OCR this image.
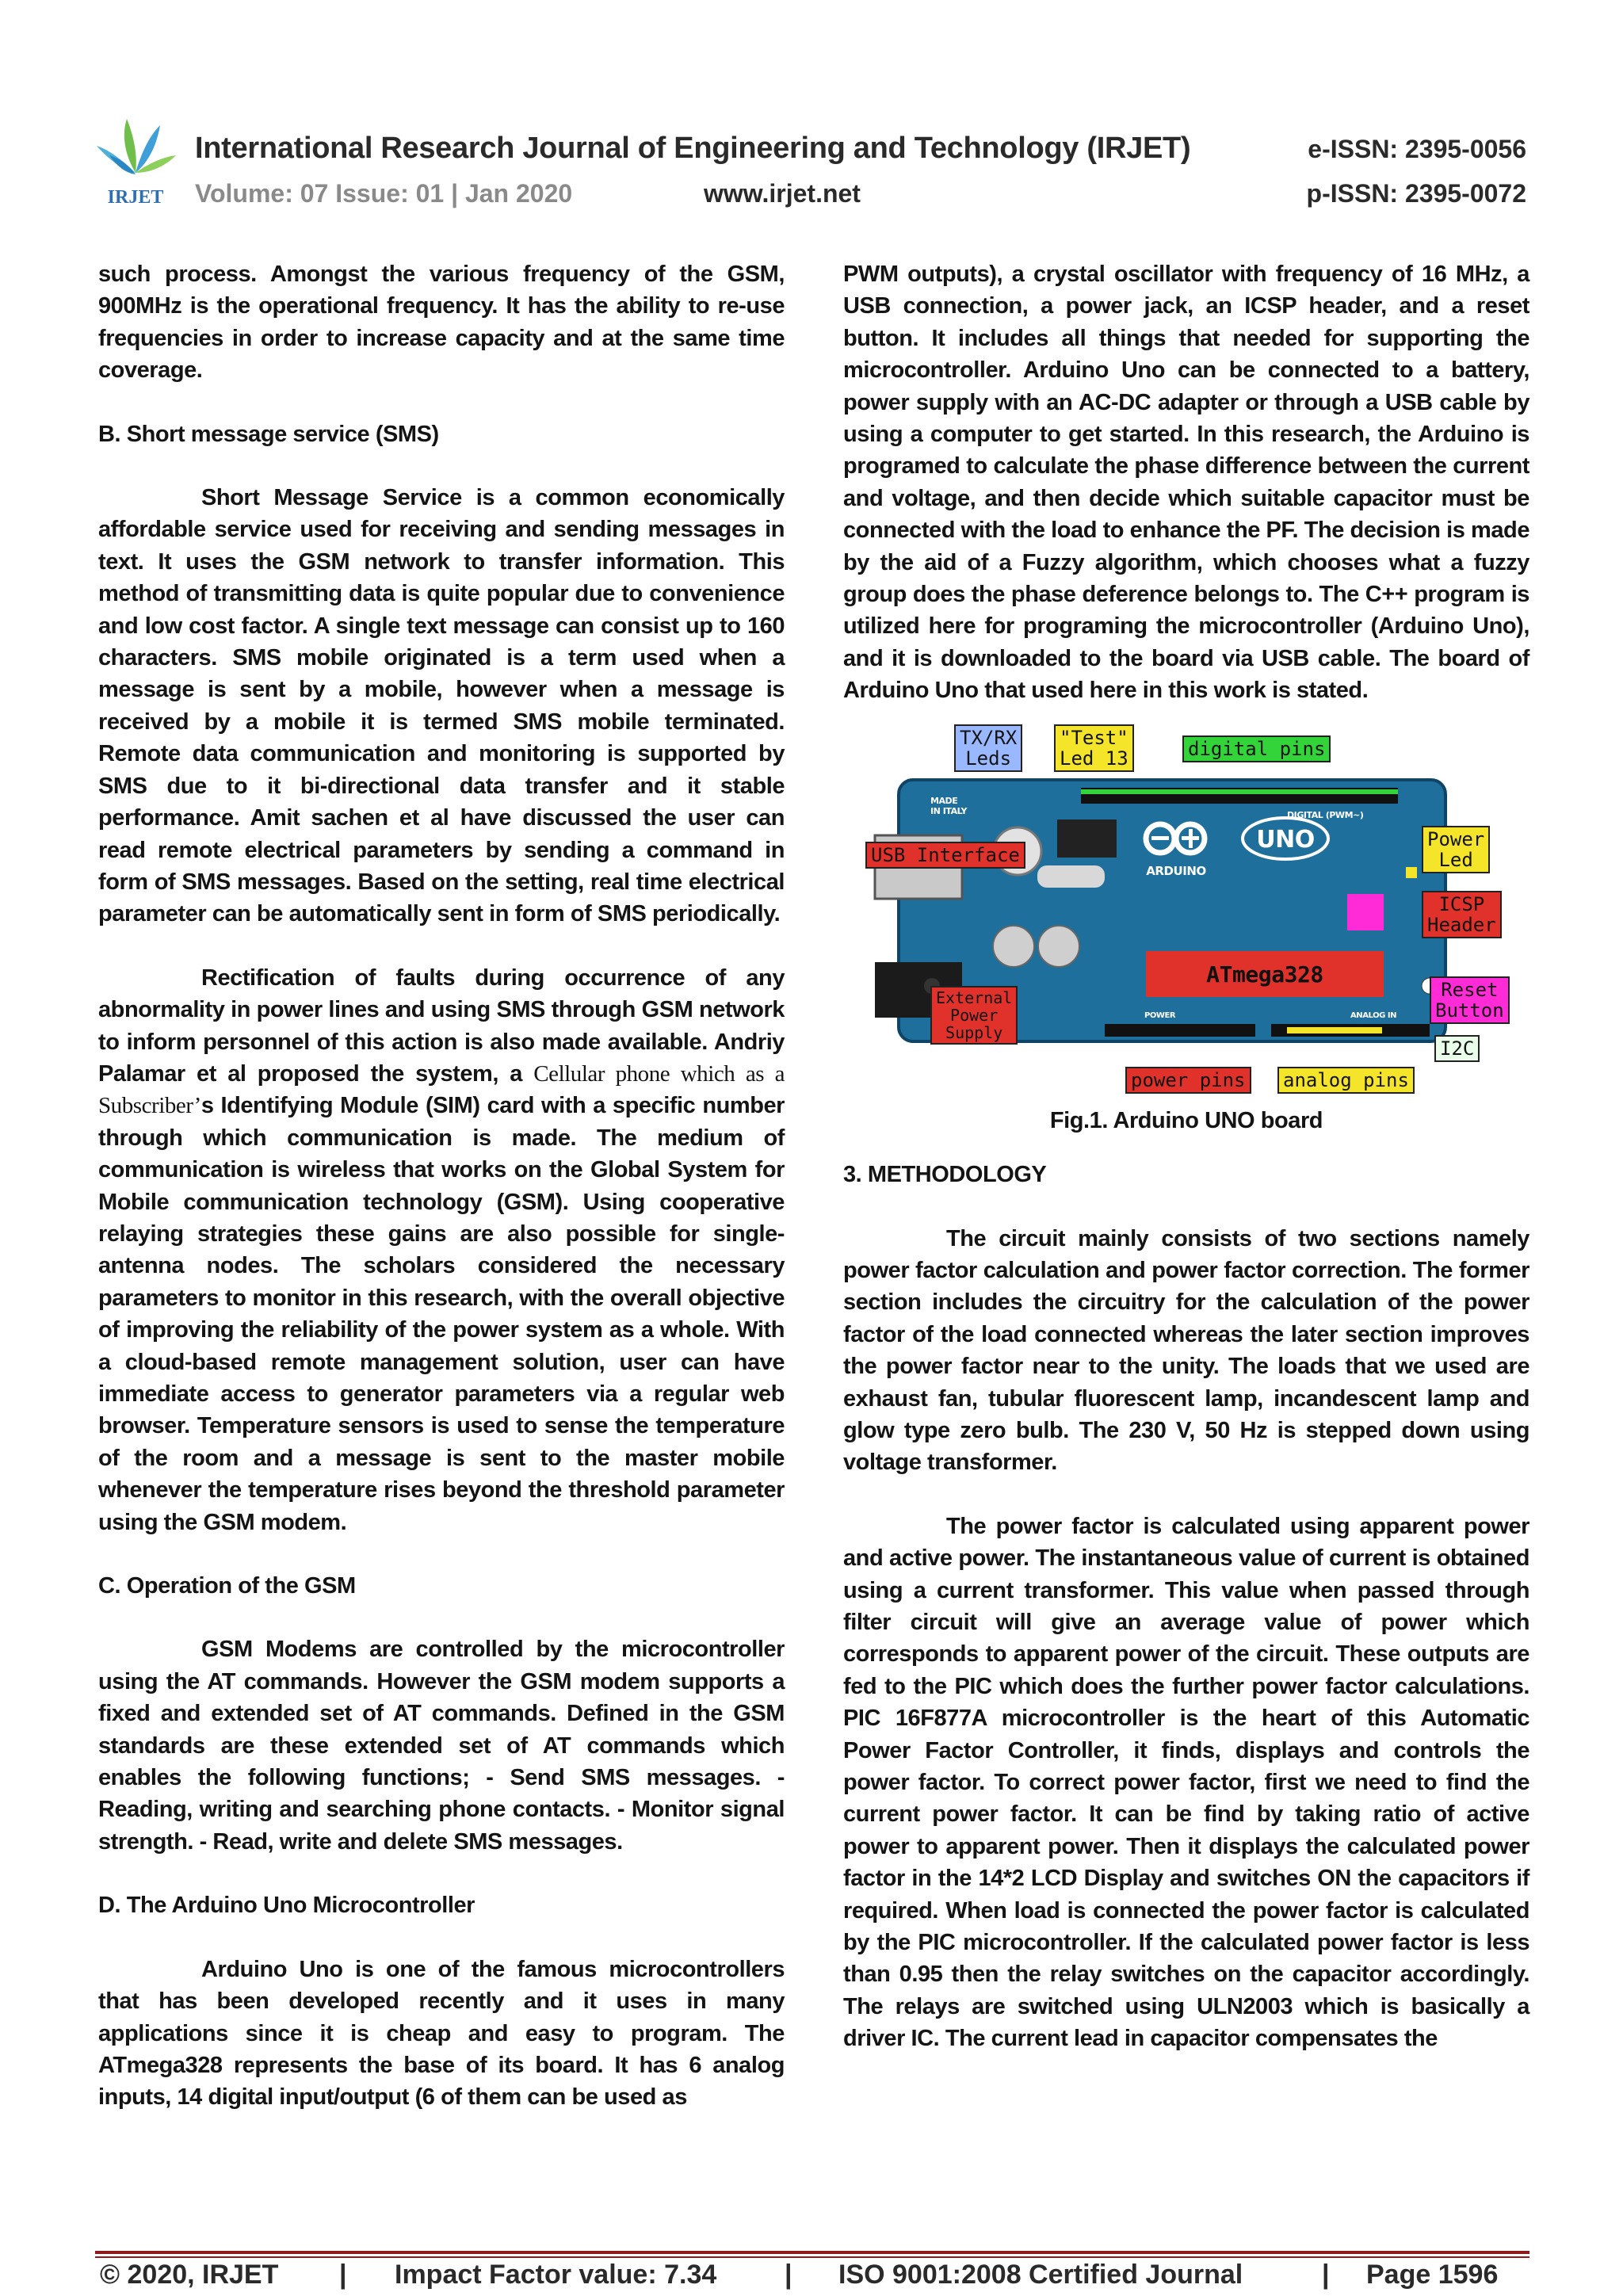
IRJET
International Research Journal of Engineering and Technology (IRJET)	e-ISSN: 2395-0056
Volume: 07 Issue: 01 | Jan 2020	www.irjet.net	p-ISSN: 2395-0072

such process. Amongst the various frequency of the GSM, 900MHz is the operational frequency. It has the ability to re-use frequencies in order to increase capacity and at the same time coverage.

B. Short message service (SMS)

Short Message Service is a common economically affordable service used for receiving and sending messages in text. It uses the GSM network to transfer information. This method of transmitting data is quite popular due to convenience and low cost factor. A single text message can consist up to 160 characters. SMS mobile originated is a term used when a message is sent by a mobile, however when a message is received by a mobile it is termed SMS mobile terminated. Remote data communication and monitoring is supported by SMS due to it bi-directional data transfer and it stable performance. Amit sachen et al have discussed the user can read remote electrical parameters by sending a command in form of SMS messages. Based on the setting, real time electrical parameter can be automatically sent in form of SMS periodically.

Rectification of faults during occurrence of any abnormality in power lines and using SMS through GSM network to inform personnel of this action is also made available. Andriy Palamar et al proposed the system, a Cellular phone which as a Subscriber’s Identifying Module (SIM) card with a specific number through which communication is made. The medium of communication is wireless that works on the Global System for Mobile communication technology (GSM). Using cooperative relaying strategies these gains are also possible for single-antenna nodes. The scholars considered the necessary parameters to monitor in this research, with the overall objective of improving the reliability of the power system as a whole. With a cloud-based remote management solution, user can have immediate access to generator parameters via a regular web browser. Temperature sensors is used to sense the temperature of the room and a message is sent to the master mobile whenever the temperature rises beyond the threshold parameter using the GSM modem.

C. Operation of the GSM

GSM Modems are controlled by the microcontroller using the AT commands. However the GSM modem supports a fixed and extended set of AT commands. Defined in the GSM standards are these extended set of AT commands which enables the following functions; - Send SMS messages. - Reading, writing and searching phone contacts. - Monitor signal strength. - Read, write and delete SMS messages.

D. The Arduino Uno Microcontroller

Arduino Uno is one of the famous microcontrollers that has been developed recently and it uses in many applications since it is cheap and easy to program. The ATmega328 represents the base of its board. It has 6 analog inputs, 14 digital input/output (6 of them can be used as

PWM outputs), a crystal oscillator with frequency of 16 MHz, a USB connection, a power jack, an ICSP header, and a reset button. It includes all things that needed for supporting the microcontroller. Arduino Uno can be connected to a battery, power supply with an AC-DC adapter or through a USB cable by using a computer to get started. In this research, the Arduino is programed to calculate the phase difference between the current and voltage, and then decide which suitable capacitor must be connected with the load to enhance the PF. The decision is made by the aid of a Fuzzy algorithm, which chooses what a fuzzy group does the phase deference belongs to. The C++ program is utilized here for programing the microcontroller (Arduino Uno), and it is downloaded to the board via USB cable. The board of Arduino Uno that used here in this work is stated.

UNO
ARDUINO
MADE IN ITALY	DIGITAL (PWM~)
ATmega328
POWER	ANALOG IN
TX/RX
Leds
"Test"
Led 13	digital pins
USB Interface
Power
Led
ICSP
Header
External
Power
Supply
Reset
Button
I2C
power pins analog pins

Fig.1. Arduino UNO board

3. METHODOLOGY

The circuit mainly consists of two sections namely power factor calculation and power factor correction. The former section includes the circuitry for the calculation of the power factor of the load connected whereas the later section improves the power factor near to the unity. The loads that we used are exhaust fan, tubular fluorescent lamp, incandescent lamp and glow type zero bulb. The 230 V, 50 Hz is stepped down using voltage transformer.

The power factor is calculated using apparent power and active power. The instantaneous value of current is obtained using a current transformer. This value when passed through filter circuit will give an average value of power which corresponds to apparent power of the circuit. These outputs are fed to the PIC which does the further power factor calculations. PIC 16F877A microcontroller is the heart of this Automatic Power Factor Controller, it finds, displays and controls the power factor. To correct power factor, first we need to find the current power factor. It can be find by taking ratio of active power to apparent power. Then it displays the calculated power factor in the 14*2 LCD Display and switches ON the capacitors if required. When load is connected the power factor is calculated by the PIC microcontroller. If the calculated power factor is less than 0.95 then the relay switches on the capacitor accordingly. The relays are switched using ULN2003 which is basically a driver IC. The current lead in capacitor compensates the

© 2020, IRJET | Impact Factor value: 7.34	| ISO 9001:2008 Certified Journal	| Page 1596
